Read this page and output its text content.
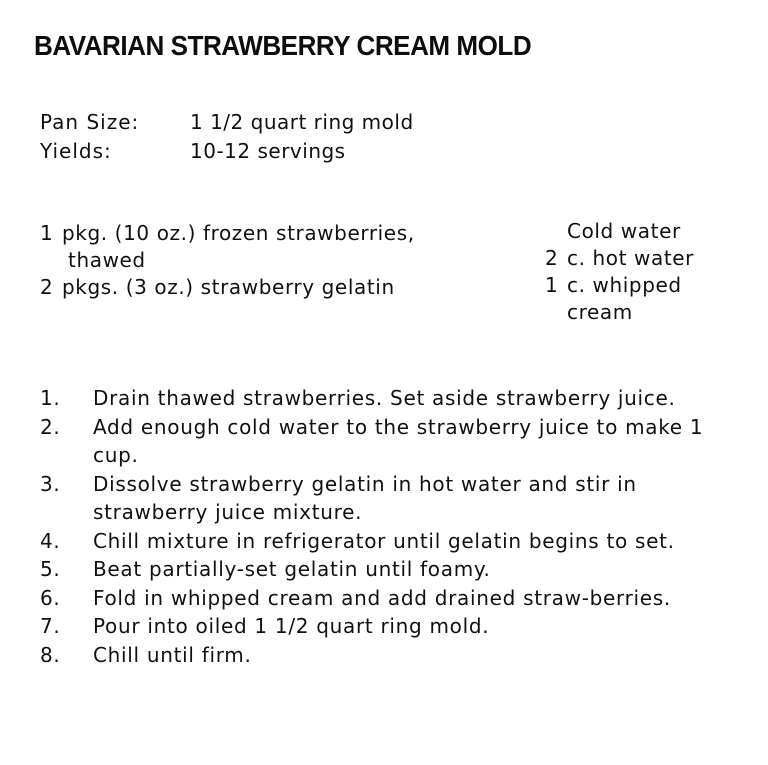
BAVARIAN STRAWBERRY CREAM MOLD
Pan Size:	1 1/2 quart ring mold
Yields:	10-12 servings
1 pkg. (10 oz.) frozen strawberries,
thawed
2 pkgs. (3 oz.) strawberry gelatin
Cold water
2 c. hot water
1 c. whipped
cream
1.	Drain thawed strawberries. Set aside strawberry juice.
2.	Add enough cold water to the strawberry juice to make 1 cup.
3.	Dissolve strawberry gelatin in hot water and stir in strawberry juice mixture.
4.	Chill mixture in refrigerator until gelatin begins to set.
5.	Beat partially-set gelatin until foamy.
6.	Fold in whipped cream and add drained straw-berries.
7.	Pour into oiled 1 1/2 quart ring mold.
8.	Chill until firm.
